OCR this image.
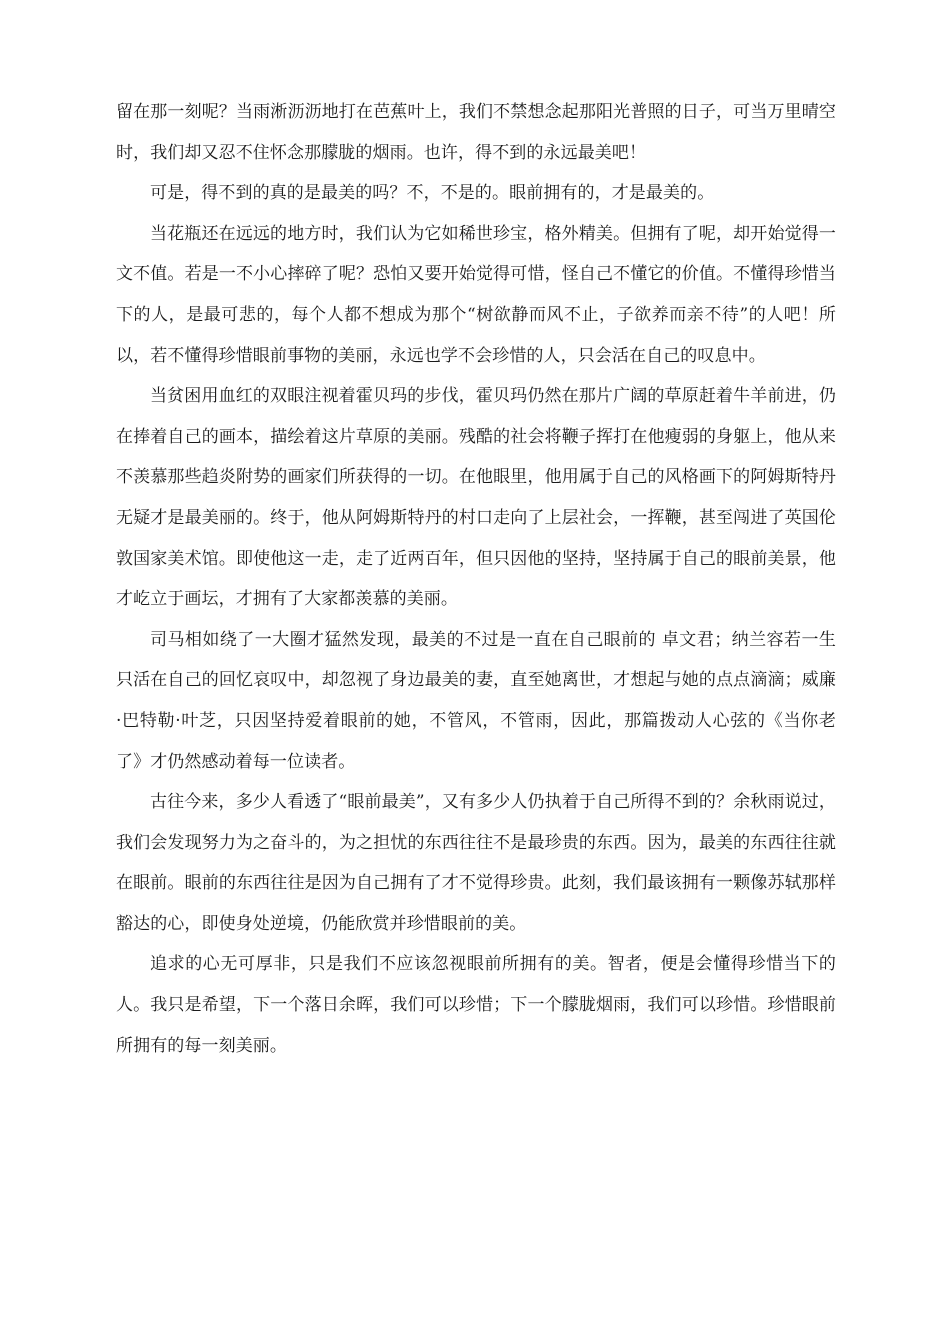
留在那一刻呢？当雨淅沥沥地打在芭蕉叶上，我们不禁想念起那阳光普照的日子，可当万里晴空时，我们却又忍不住怀念那朦胧的烟雨。也许，得不到的永远最美吧！

可是，得不到的真的是最美的吗？不，不是的。眼前拥有的，才是最美的。

当花瓶还在远远的地方时，我们认为它如稀世珍宝，格外精美。但拥有了呢，却开始觉得一文不值。若是一不小心摔碎了呢？恐怕又要开始觉得可惜，怪自己不懂它的价值。不懂得珍惜当下的人，是最可悲的，每个人都不想成为那个“树欲静而风不止，子欲养而亲不待”的人吧！所以，若不懂得珍惜眼前事物的美丽，永远也学不会珍惜的人，只会活在自己的叹息中。

当贫困用血红的双眼注视着霍贝玛的步伐，霍贝玛仍然在那片广阔的草原赶着牛羊前进，仍在捧着自己的画本，描绘着这片草原的美丽。残酷的社会将鞭子挥打在他瘦弱的身躯上，他从来不羡慕那些趋炎附势的画家们所获得的一切。在他眼里，他用属于自己的风格画下的阿姆斯特丹无疑才是最美丽的。终于，他从阿姆斯特丹的村口走向了上层社会，一挥鞭，甚至闯进了英国伦敦国家美术馆。即使他这一走，走了近两百年，但只因他的坚持，坚持属于自己的眼前美景，他才屹立于画坛，才拥有了大家都羡慕的美丽。

司马相如绕了一大圈才猛然发现，最美的不过是一直在自己眼前的 卓文君；纳兰容若一生只活在自己的回忆哀叹中，却忽视了身边最美的妻，直至她离世，才想起与她的点点滴滴；威廉·巴特勒·叶芝，只因坚持爱着眼前的她，不管风，不管雨，因此，那篇拨动人心弦的《当你老了》才仍然感动着每一位读者。

古往今来，多少人看透了“眼前最美”，又有多少人仍执着于自己所得不到的？余秋雨说过，我们会发现努力为之奋斗的，为之担忧的东西往往不是最珍贵的东西。因为，最美的东西往往就在眼前。眼前的东西往往是因为自己拥有了才不觉得珍贵。此刻，我们最该拥有一颗像苏轼那样豁达的心，即使身处逆境，仍能欣赏并珍惜眼前的美。

追求的心无可厚非，只是我们不应该忽视眼前所拥有的美。智者，便是会懂得珍惜当下的人。我只是希望，下一个落日余晖，我们可以珍惜；下一个朦胧烟雨，我们可以珍惜。珍惜眼前所拥有的每一刻美丽。
